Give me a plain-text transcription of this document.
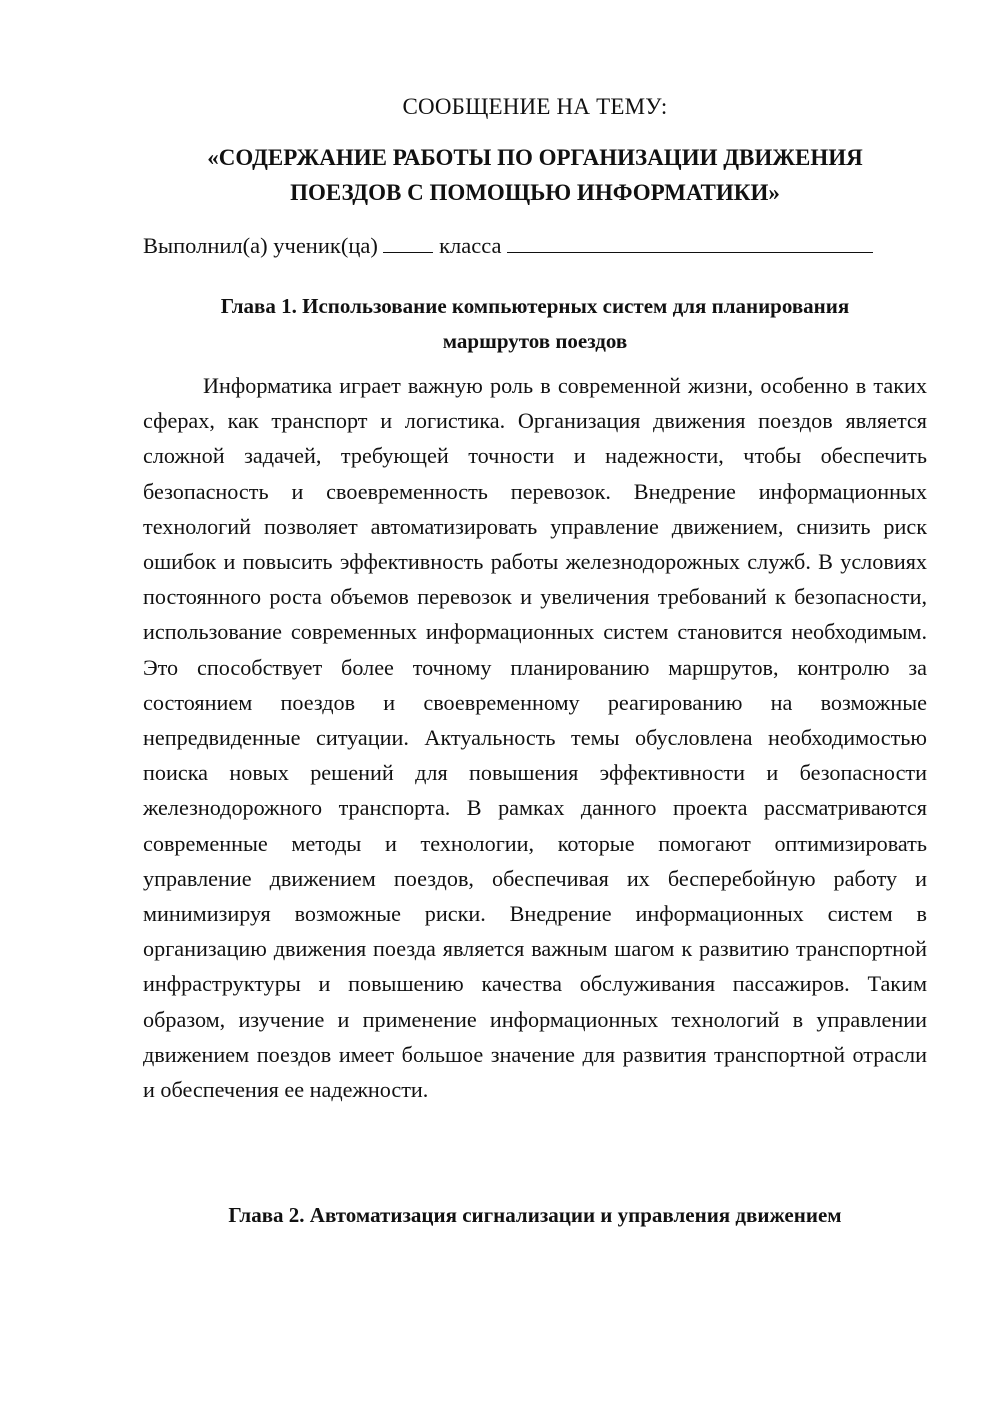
СООБЩЕНИЕ НА ТЕМУ:
«СОДЕРЖАНИЕ РАБОТЫ ПО ОРГАНИЗАЦИИ ДВИЖЕНИЯ
ПОЕЗДОВ С ПОМОЩЬЮ ИНФОРМАТИКИ»
Выполнил(а) ученик(ца)	класса
Глава 1. Использование компьютерных систем для планирования
маршрутов поездов

Информатика играет важную роль в современной жизни, особенно в таких сферах, как транспорт и логистика. Организация движения поездов является сложной задачей, требующей точности и надежности, чтобы обеспечить безопасность и своевременность перевозок. Внедрение информационных технологий позволяет автоматизировать управление движением, снизить риск ошибок и повысить эффективность работы железнодорожных служб. В условиях постоянного роста объемов перевозок и увеличения требований к безопасности, использование современных информационных систем становится необходимым. Это способствует более точному планированию маршрутов, контролю за состоянием поездов и своевременному реагированию на возможные непредвиденные ситуации. Актуальность темы обусловлена необходимостью поиска новых решений для повышения эффективности и безопасности железнодорожного транспорта. В рамках данного проекта рассматриваются современные методы и технологии, которые помогают оптимизировать управление движением поездов, обеспечивая их бесперебойную работу и минимизируя возможные риски. Внедрение информационных систем в организацию движения поезда является важным шагом к развитию транспортной инфраструктуры и повышению качества обслуживания пассажиров. Таким образом, изучение и применение информационных технологий в управлении движением поездов имеет большое значение для развития транспортной отрасли и обеспечения ее надежности.

Глава 2. Автоматизация сигнализации и управления движением
